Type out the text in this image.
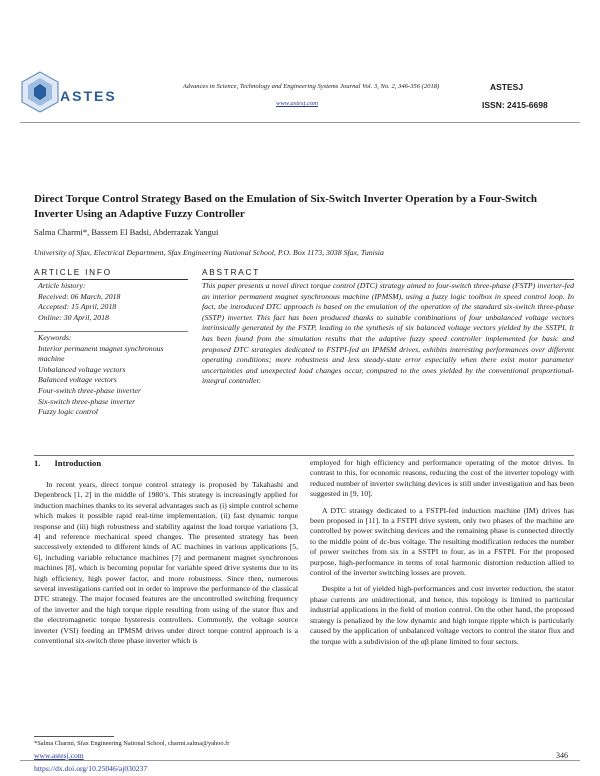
ASTES
Advances in Science, Technology and Engineering Systems Journal Vol. 3, No. 2, 346-356 (2018)
www.astesj.com
ASTESJ
ISSN: 2415-6698
Direct Torque Control Strategy Based on the Emulation of Six-Switch Inverter Operation by a Four-Switch Inverter Using an Adaptive Fuzzy Controller
Salma Charmi*, Bassem El Badsi, Abderrazak Yangui
University of Sfax, Electrical Department, Sfax Engineering National School, P.O. Box 1173, 3038 Sfax, Tunisia
ARTICLE INFO
Article history:
Received: 06 March, 2018
Accepted: 15 April, 2018
Online: 30 April, 2018
Keywords:
Interior permanent magnet synchronous machine
Unbalanced voltage vectors
Balanced voltage vectors
Four-switch three-phase inverter
Six-switch three-phase inverter
Fuzzy logic control
ABSTRACT
This paper presents a novel direct torque control (DTC) strategy aimed to four-switch three-phase (FSTP) inverter-fed an interior permanent magnet synchronous machine (IPMSM), using a fuzzy logic toolbox in speed control loop. In fact, the introduced DTC approach is based on the emulation of the operation of the standard six-switch three-phase (SSTP) inverter. This fact has been produced thanks to suitable combinations of four unbalanced voltage vectors intrinsically generated by the FSTP, leading to the synthesis of six balanced voltage vectors yielded by the SSTPI. It has been found from the simulation results that the adaptive fuzzy speed controller implemented for basic and proposed DTC strategies dedicated to FSTPI-fed an IPMSM drives, exhibits interesting performances over different operating conditions; more robustness and less steady-state error especially when there exist motor parameter uncertainties and unexpected load changes occur, compared to the ones yielded by the conventional proportional-integral controller.
1. Introduction

In recent years, direct torque control strategy is proposed by Takahashi and Depenbrock [1, 2] in the middle of 1980’s. This strategy is increasingly applied for induction machines thanks to its several advantages such as (i) simple control scheme which makes it possible rapid real-time implementation, (ii) fast dynamic torque response and (iii) high robustness and stability against the load torque variations [3, 4] and reference mechanical speed changes. The presented strategy has been successively extended to different kinds of AC machines in various applications [5, 6], including variable reluctance machines [7] and permanent magnet synchronous machines [8], which is becoming popular for variable speed drive systems due to its high efficiency, high power factor, and more robustness. Since then, numerous several investigations carried out in order to improve the performance of the classical DTC strategy. The major focused features are the uncontrolled switching frequency of the inverter and the high torque ripple resulting from using of the stator flux and the electromagnetic torque hysteresis controllers. Commonly, the voltage source inverter (VSI) feeding an IPMSM drives under direct torque control approach is a conventional six-switch three phase inverter which is

employed for high efficiency and performance operating of the motor drives. In contrast to this, for economic reasons, reducing the cost of the inverter topology with reduced number of inverter switching devices is still under investigation and has been suggested in [9, 10].

A DTC strategy dedicated to a FSTPI-fed induction machine (IM) drives has been proposed in [11]. In a FSTPI drive system, only two phases of the machine are controlled by power switching devices and the remaining phase is connected directly to the middle point of dc-bus voltage. The resulting modification reduces the number of power switches from six in a SSTPI to four, as in a FSTPI. For the proposed purpose, high-performance in terms of total harmonic distortion reduction allied to control of the inverter switching losses are proven.

Despite a lot of yielded high-performances and cost inverter reduction, the stator phase currents are unidirectional, and hence, this topology is limited to particular industrial applications in the field of motion control. On the other hand, the proposed strategy is penalized by the low dynamic and high torque ripple which is particularly caused by the application of unbalanced voltage vectors to control the stator flux and the torque with a subdivision of the αβ plane limited to four sectors.

*Salma Charmi, Sfax Engineering National School, charmi.salma@yahoo.fr
www.astesj.com
https://dx.doi.org/10.25046/aj030237
346
